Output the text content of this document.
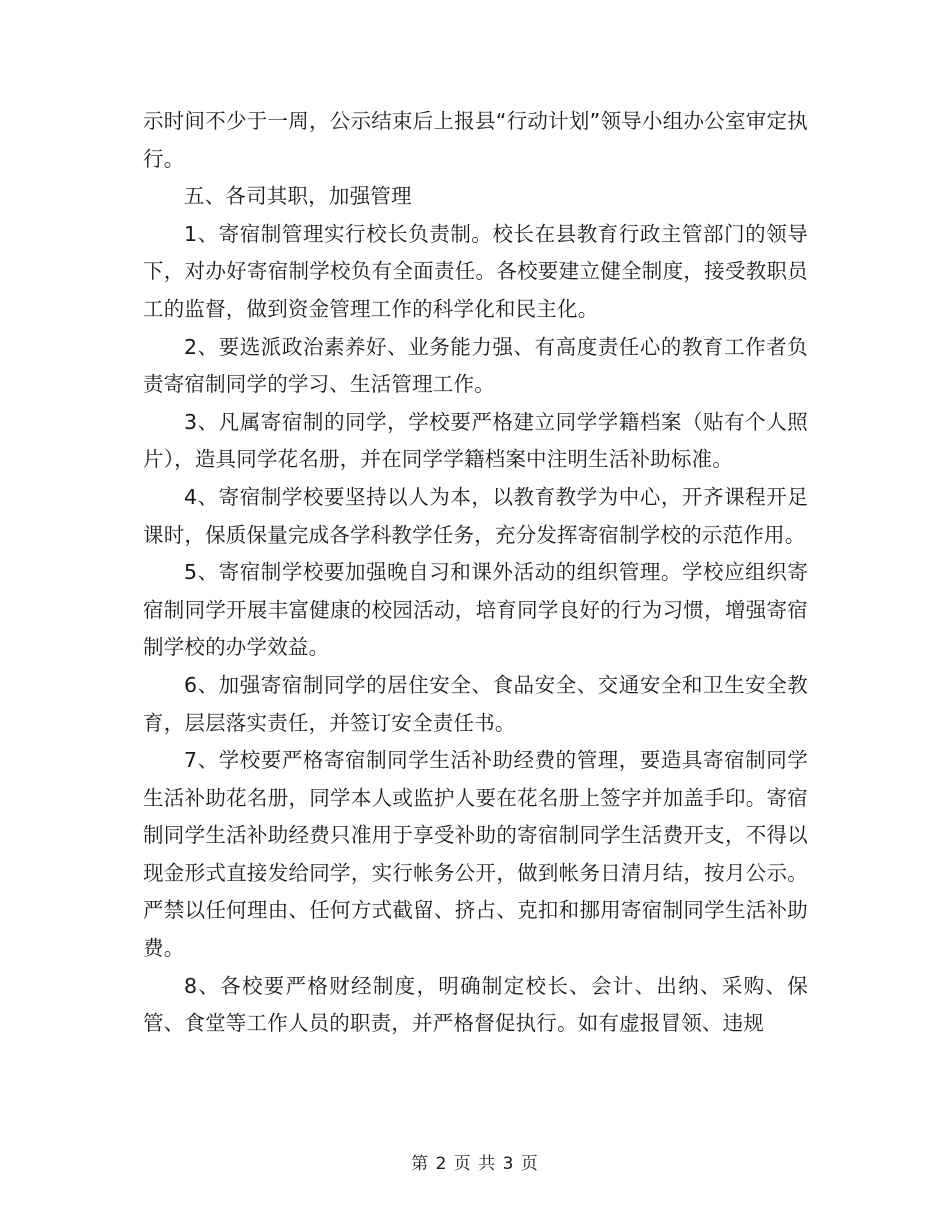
示时间不少于一周，公示结束后上报县“行动计划”领导小组办公室审定执行。

五、各司其职，加强管理

1、寄宿制管理实行校长负责制。校长在县教育行政主管部门的领导下，对办好寄宿制学校负有全面责任。各校要建立健全制度，接受教职员工的监督，做到资金管理工作的科学化和民主化。

2、要选派政治素养好、业务能力强、有高度责任心的教育工作者负责寄宿制同学的学习、生活管理工作。

3、凡属寄宿制的同学，学校要严格建立同学学籍档案（贴有个人照片），造具同学花名册，并在同学学籍档案中注明生活补助标准。

4、寄宿制学校要坚持以人为本，以教育教学为中心，开齐课程开足课时，保质保量完成各学科教学任务，充分发挥寄宿制学校的示范作用。

5、寄宿制学校要加强晚自习和课外活动的组织管理。学校应组织寄宿制同学开展丰富健康的校园活动，培育同学良好的行为习惯，增强寄宿制学校的办学效益。

6、加强寄宿制同学的居住安全、食品安全、交通安全和卫生安全教育，层层落实责任，并签订安全责任书。

7、学校要严格寄宿制同学生活补助经费的管理，要造具寄宿制同学生活补助花名册，同学本人或监护人要在花名册上签字并加盖手印。寄宿制同学生活补助经费只准用于享受补助的寄宿制同学生活费开支，不得以现金形式直接发给同学，实行帐务公开，做到帐务日清月结，按月公示。严禁以任何理由、任何方式截留、挤占、克扣和挪用寄宿制同学生活补助费。

8、各校要严格财经制度，明确制定校长、会计、出纳、采购、保管、食堂等工作人员的职责，并严格督促执行。如有虚报冒领、违规

第 2 页 共 3 页
